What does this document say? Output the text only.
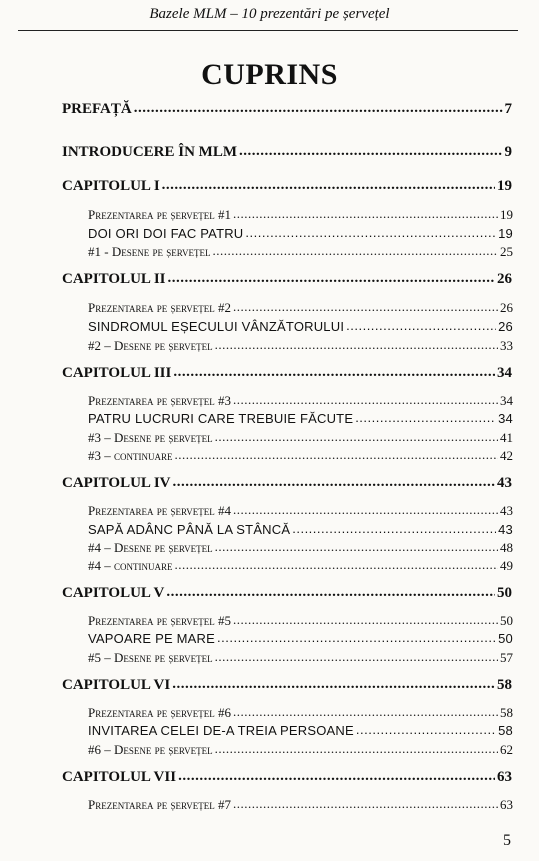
Bazele MLM – 10 prezentări pe șervețel
CUPRINS
PREFAȚĂ .....	7
INTRODUCERE ÎN MLM .....	9
CAPITOLUL I .....	19
Prezentarea pe șervețel #1 .....	19
DOI ORI DOI FAC PATRU .....	19
#1 - Desene pe șervețel .....	25
CAPITOLUL II .....	26
Prezentarea pe șervețel #2 .....	26
SINDROMUL EȘECULUI VÂNZĂTORULUI .....	26
#2 – Desene pe șervețel .....	33
CAPITOLUL III .....	34
Prezentarea pe șervețel #3 .....	34
PATRU LUCRURI CARE TREBUIE FĂCUTE .....	34
#3 – Desene pe șervețel .....	41
#3 – continuare .....	42
CAPITOLUL IV .....	43
Prezentarea pe șervețel #4 .....	43
SAPĂ ADÂNC PÂNĂ LA STÂNCĂ .....	43
#4 – Desene pe șervețel .....	48
#4 – continuare .....	49
CAPITOLUL V .....	50
Prezentarea pe șervețel #5 .....	50
VAPOARE PE MARE .....	50
#5 – Desene pe șervețel .....	57
CAPITOLUL VI .....	58
Prezentarea pe șervețel #6 .....	58
INVITAREA CELEI DE-A TREIA PERSOANE .....	58
#6 – Desene pe șervețel .....	62
CAPITOLUL VII .....	63
Prezentarea pe șervețel #7 .....	63
5
